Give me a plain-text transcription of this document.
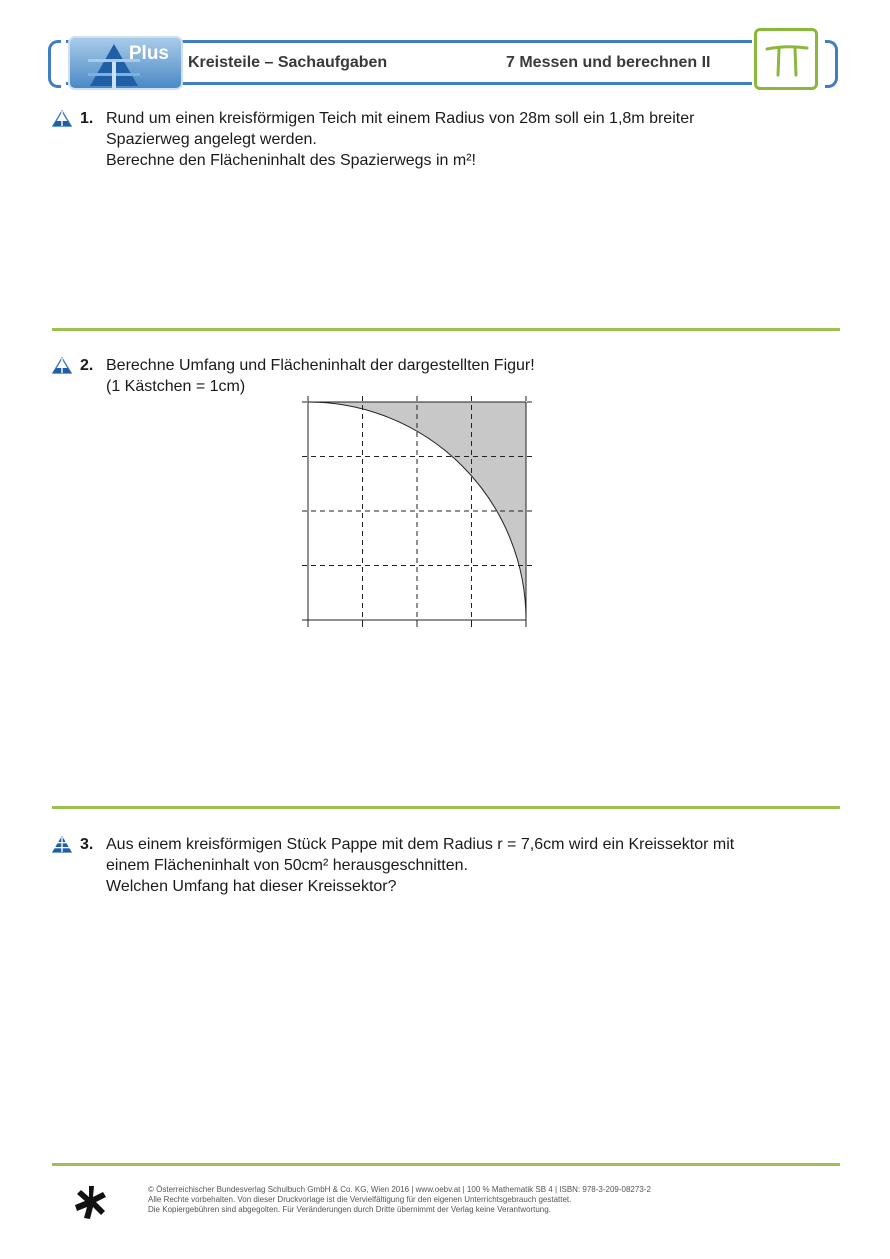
Plus Kreisteile – Sachaufgaben	7 Messen und berechnen II
1. Rund um einen kreisförmigen Teich mit einem Radius von 28m soll ein 1,8m breiter
Spazierweg angelegt werden.
Berechne den Flächeninhalt des Spazierwegs in m²!
2. Berechne Umfang und Flächeninhalt der dargestellten Figur!
(1 Kästchen = 1cm)
3. Aus einem kreisförmigen Stück Pappe mit dem Radius r = 7,6cm wird ein Kreissektor mit
einem Flächeninhalt von 50cm² herausgeschnitten.
Welchen Umfang hat dieser Kreissektor?
© Österreichischer Bundesverlag Schulbuch GmbH & Co. KG, Wien 2016 | www.oebv.at | 100 % Mathematik SB 4 | ISBN: 978-3-209-08273-2
Alle Rechte vorbehalten. Von dieser Druckvorlage ist die Vervielfältigung für den eigenen Unterrichtsgebrauch gestattet.
Die Kopiergebühren sind abgegolten. Für Veränderungen durch Dritte übernimmt der Verlag keine Verantwortung.
